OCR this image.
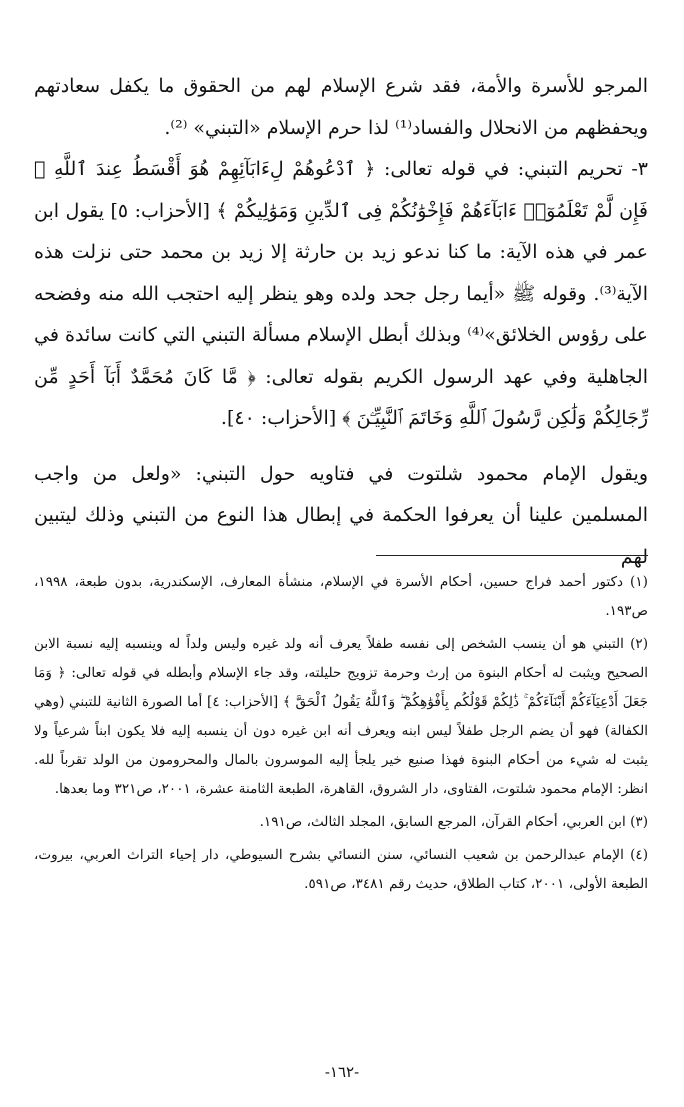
المرجو للأسرة والأمة، فقد شرع الإسلام لهم من الحقوق ما يكفل سعادتهم ويحفظهم من الانحلال والفساد⁽¹⁾ لذا حرم الإسلام «التبني» ⁽²⁾.

٣- تحريم التبني: في قوله تعالى: ﴿ ٱدْعُوهُمْ لِءَابَآئِهِمْ هُوَ أَقْسَطُ عِندَ ٱللَّهِ ۚ فَإِن لَّمْ تَعْلَمُوٓا۟ ءَابَآءَهُمْ فَإِخْوَٰنُكُمْ فِى ٱلدِّينِ وَمَوَٰلِيكُمْ ﴾ [الأحزاب: ٥] يقول ابن عمر في هذه الآية: ما كنا ندعو زيد بن حارثة إلا زيد بن محمد حتى نزلت هذه الآية⁽³⁾. وقوله ﷺ «أيما رجل جحد ولده وهو ينظر إليه احتجب الله منه وفضحه على رؤوس الخلائق»⁽⁴⁾ وبذلك أبطل الإسلام مسألة التبني التي كانت سائدة في الجاهلية وفي عهد الرسول الكريم بقوله تعالى: ﴿ مَّا كَانَ مُحَمَّدٌ أَبَآ أَحَدٍ مِّن رِّجَالِكُمْ وَلَٰكِن رَّسُولَ ٱللَّهِ وَخَاتَمَ ٱلنَّبِيِّـۧنَ ﴾ [الأحزاب: ٤٠].

ويقول الإمام محمود شلتوت في فتاويه حول التبني: «ولعل من واجب المسلمين علينا أن يعرفوا الحكمة في إبطال هذا النوع من التبني وذلك ليتبين لهم

(١) دكتور أحمد فراج حسين، أحكام الأسرة في الإسلام، منشأة المعارف، الإسكندرية، بدون طبعة، ١٩٩٨، ص١٩٣.

(٢) التبني هو أن ينسب الشخص إلى نفسه طفلاً يعرف أنه ولد غيره وليس ولداً له وينسبه إليه نسبة الابن الصحيح ويثبت له أحكام البنوة من إرث وحرمة تزويج حليلته، وقد جاء الإسلام وأبطله في قوله تعالى: ﴿ وَمَا جَعَلَ أَدْعِيَآءَكُمْ أَبْنَآءَكُمْ ۚ ذَٰلِكُمْ قَوْلُكُم بِأَفْوَٰهِكُمْ ۖ وَٱللَّهُ يَقُولُ ٱلْحَقَّ ﴾ [الأحزاب: ٤] أما الصورة الثانية للتبني (وهي الكفالة) فهو أن يضم الرجل طفلاً ليس ابنه ويعرف أنه ابن غيره دون أن ينسبه إليه فلا يكون ابناً شرعياً ولا يثبت له شيء من أحكام البنوة فهذا صنيع خير يلجأ إليه الموسرون بالمال والمحرومون من الولد تقرباً لله. انظر: الإمام محمود شلتوت، الفتاوى، دار الشروق، القاهرة، الطبعة الثامنة عشرة، ٢٠٠١، ص٣٢١ وما بعدها.

(٣) ابن العربي، أحكام القرآن، المرجع السابق، المجلد الثالث، ص١٩١.

(٤) الإمام عبدالرحمن بن شعيب النسائي، سنن النسائي بشرح السيوطي، دار إحياء التراث العربي، بيروت، الطبعة الأولى، ٢٠٠١، كتاب الطلاق، حديث رقم ٣٤٨١، ص٥٩١.

-١٦٢-
